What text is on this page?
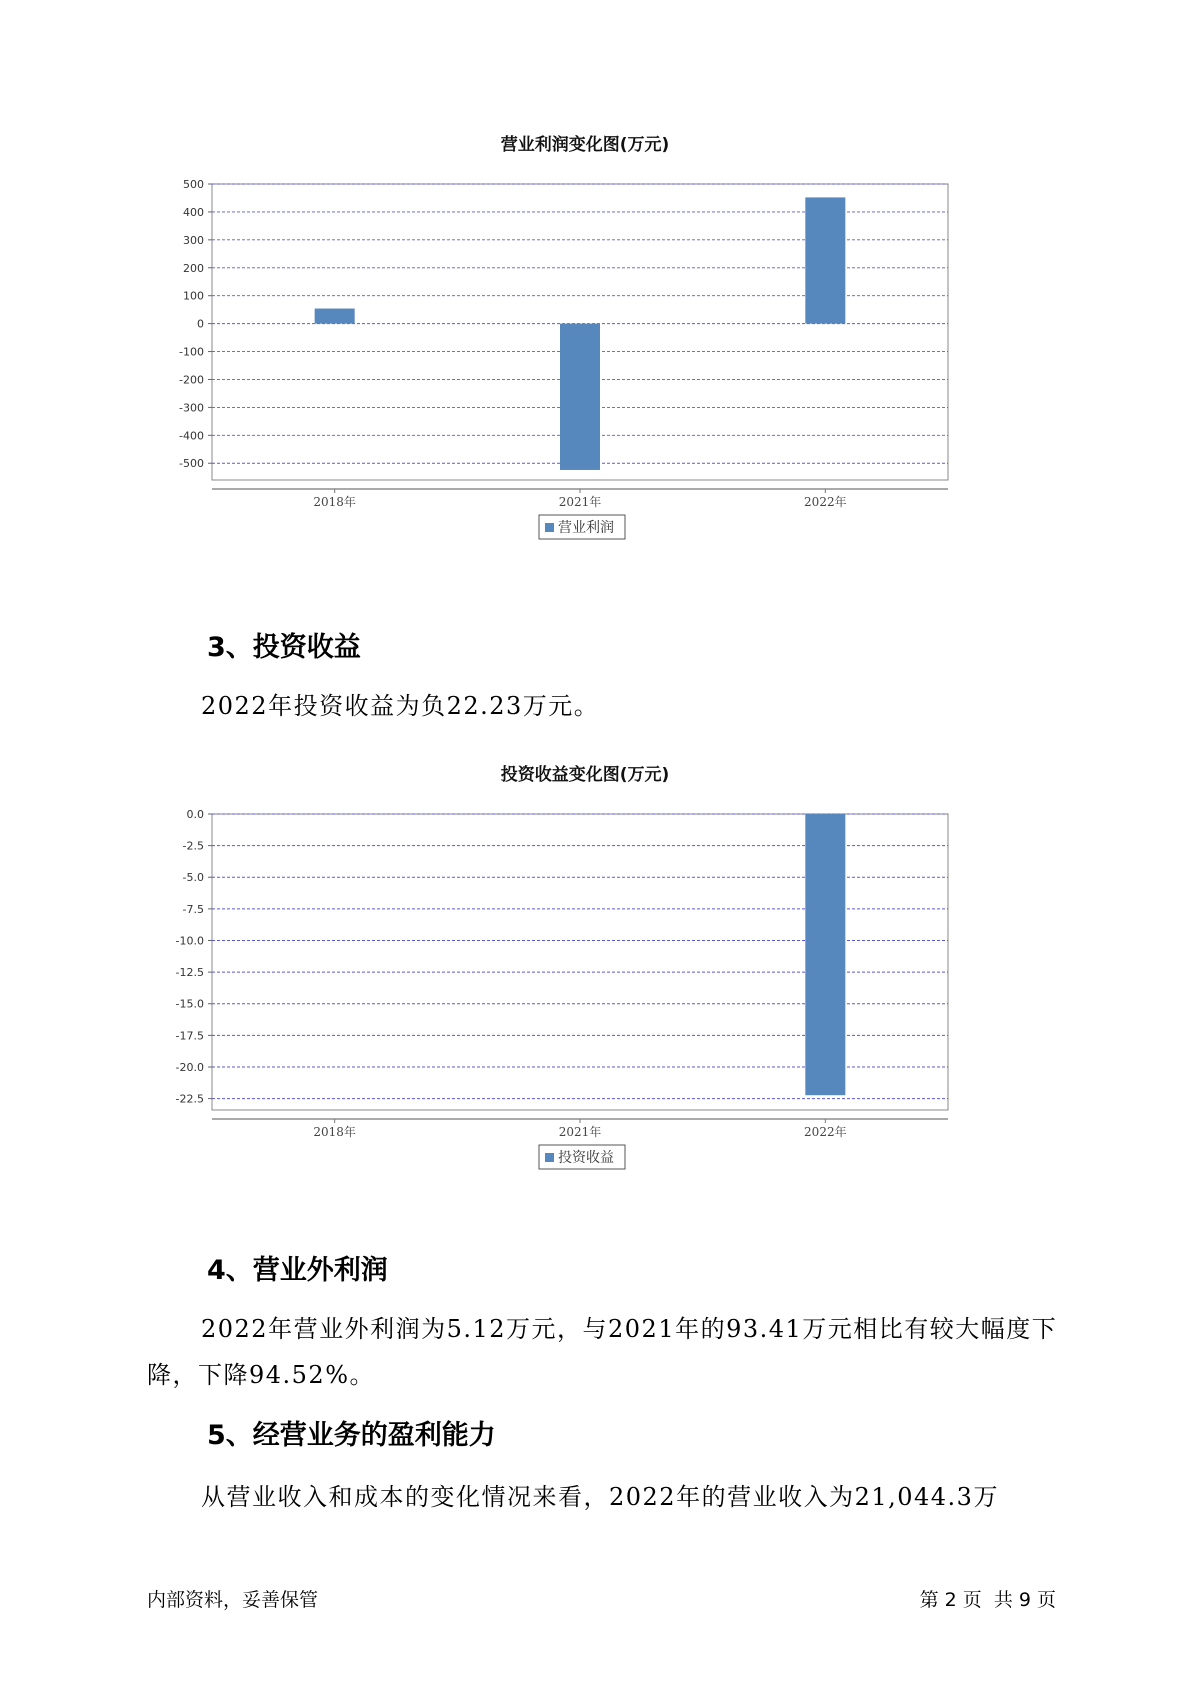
营业利润变化图(万元)
500
400
300
200
100
0
-100
-200
-300
-400
-500
2018年	2021年	2022年
营业利润
3、投资收益

2022年投资收益为负22.23万元。

投资收益变化图(万元)
0.0
-2.5
-5.0
-7.5
-10.0
-12.5
-15.0
-17.5
-20.0
-22.5
2018年	2021年	2022年
投资收益
4、营业外利润

2022年营业外利润为5.12万元，与2021年的93.41万元相比有较大幅度下降，下降94.52%。

5、经营业务的盈利能力

从营业收入和成本的变化情况来看，2022年的营业收入为21,044.3万

内部资料，妥善保管	第 2 页  共 9 页
